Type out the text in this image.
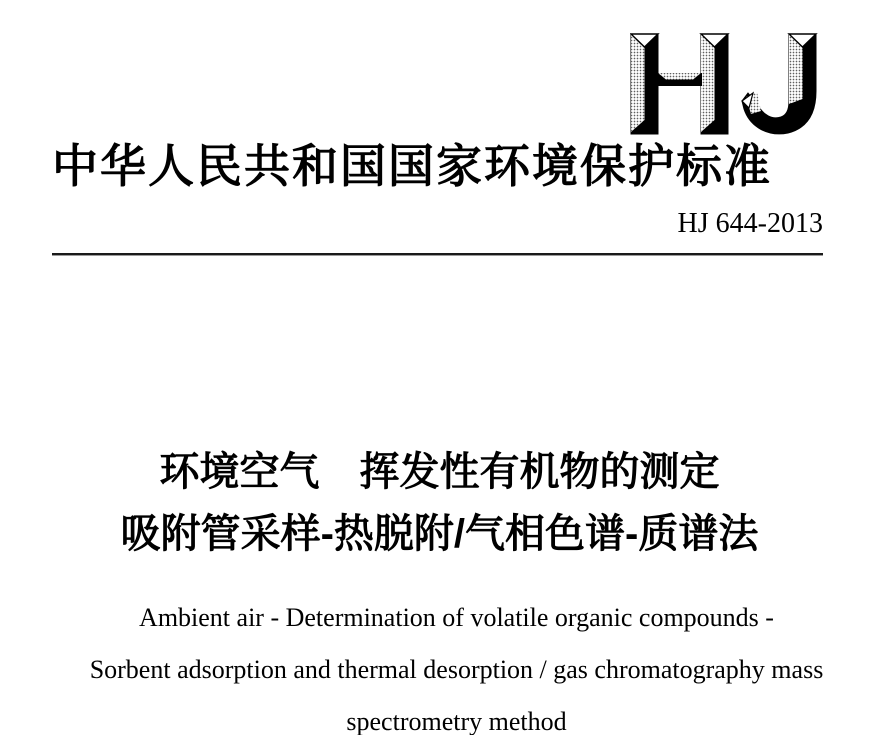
中华人民共和国国家环境保护标准
HJ 644-2013
环境空气　挥发性有机物的测定
吸附管采样-热脱附/气相色谱-质谱法
Ambient air - Determination of volatile organic compounds -
Sorbent adsorption and thermal desorption / gas chromatography mass
spectrometry method
